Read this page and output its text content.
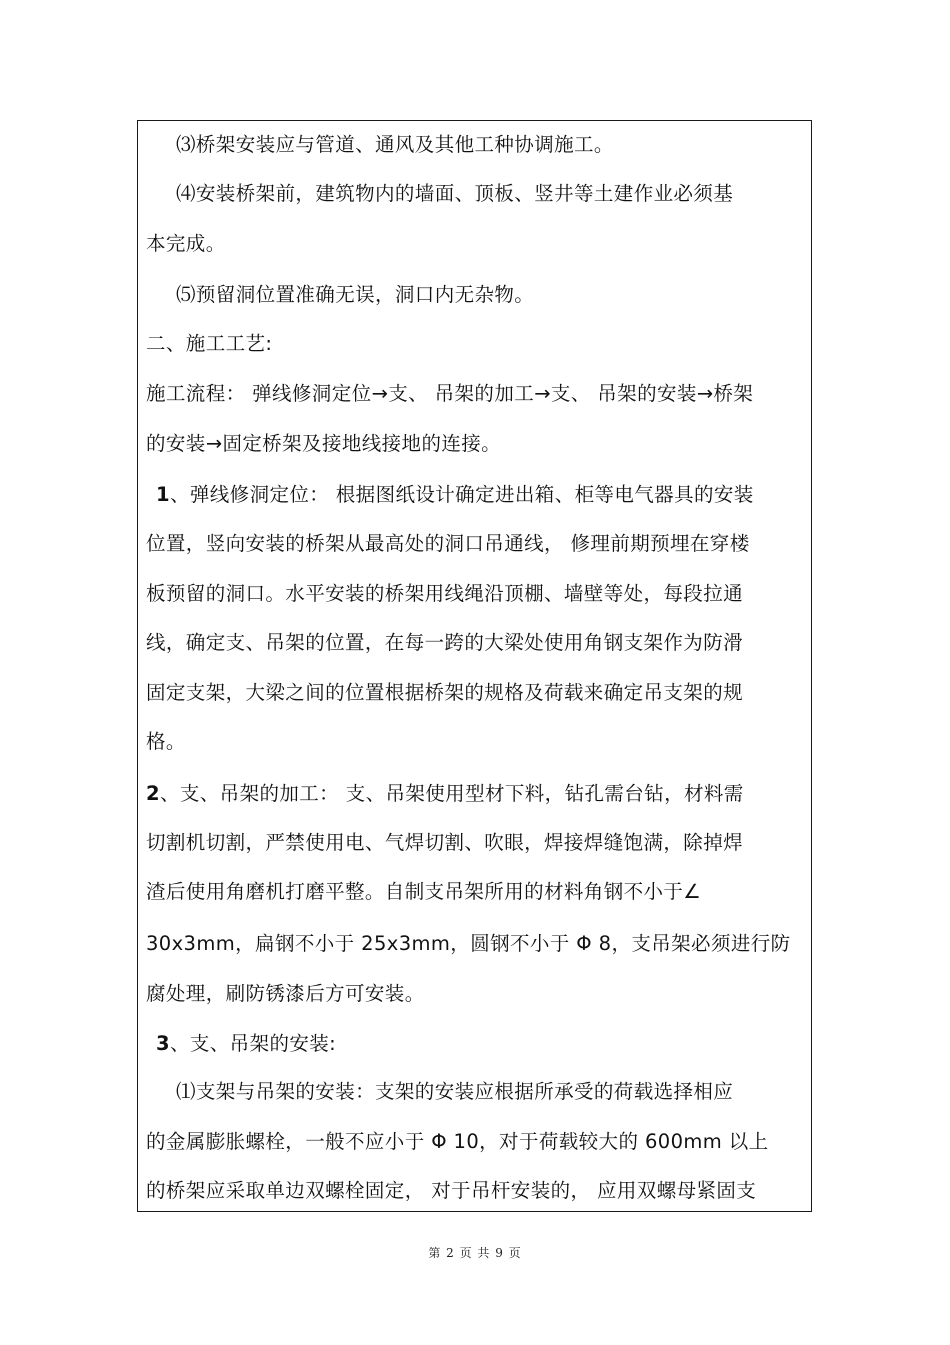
⑶桥架安装应与管道、通风及其他工种协调施工。
⑷安装桥架前，建筑物内的墙面、顶板、竖井等土建作业必须基
本完成。
⑸预留洞位置准确无误，洞口内无杂物。
二、施工工艺:
施工流程： 弹线修洞定位→支、 吊架的加工→支、 吊架的安装→桥架
的安装→固定桥架及接地线接地的连接。
1、弹线修洞定位： 根据图纸设计确定进出箱、柜等电气器具的安装
位置，竖向安装的桥架从最高处的洞口吊通线， 修理前期预埋在穿楼
板预留的洞口。水平安装的桥架用线绳沿顶棚、墙壁等处，每段拉通
线，确定支、吊架的位置，在每一跨的大梁处使用角钢支架作为防滑
固定支架，大梁之间的位置根据桥架的规格及荷载来确定吊支架的规
格。
2、支、吊架的加工： 支、吊架使用型材下料，钻孔需台钻，材料需
切割机切割，严禁使用电、气焊切割、吹眼，焊接焊缝饱满，除掉焊
渣后使用角磨机打磨平整。自制支吊架所用的材料角钢不小于∠
30x3mm，扁钢不小于 25x3mm，圆钢不小于 Φ 8，支吊架必须进行防
腐处理，刷防锈漆后方可安装。
3、支、吊架的安装:
⑴支架与吊架的安装：支架的安装应根据所承受的荷载选择相应
的金属膨胀螺栓，一般不应小于 Φ 10，对于荷载较大的 600mm 以上
的桥架应采取单边双螺栓固定， 对于吊杆安装的， 应用双螺母紧固支
第 2 页 共 9 页
